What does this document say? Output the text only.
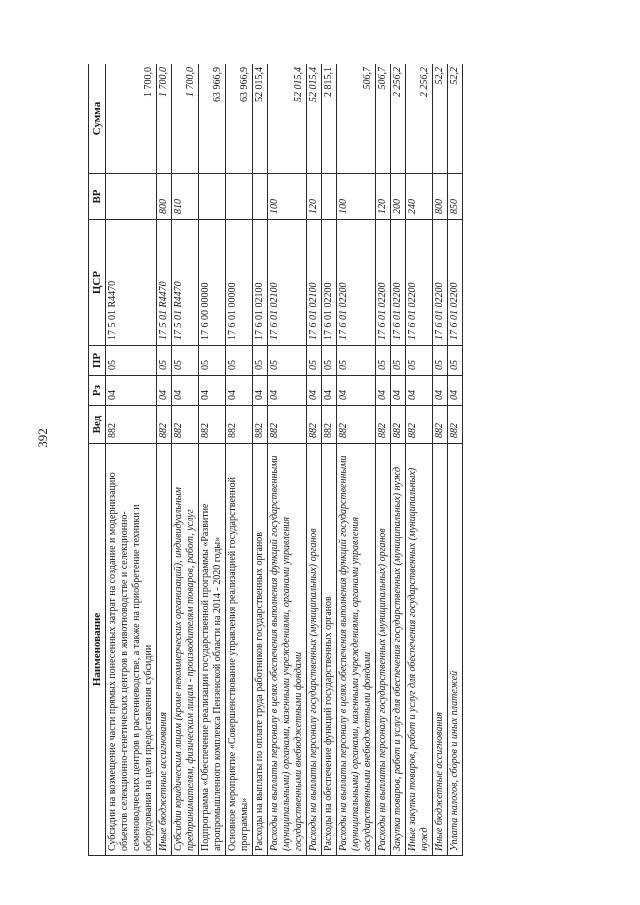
392
Наименование	Вед	Рз	ПР	ЦСР	ВР	Сумма
Субсидии на возмещение части прямых понесенных затрат на создание и модернизацию объектов селекционно-генетических центров в животноводстве и селекционно-семеноводческих центров в растениеводстве, а также на приобретение техники и оборудования на цели предоставления субсидии	882	04	05	17 5 01 R4470		1 700,0
Иные бюджетные ассигнования	882	04	05	17 5 01 R4470	800	1 700,0
Субсидии юридическим лицам (кроме некоммерческих организаций), индивидуальным предпринимателям, физическим лицам - производителям товаров, работ, услуг	882	04	05	17 5 01 R4470	810	1 700,0
Подпрограмма «Обеспечение реализации государственной программы «Развитие агропромышленного комплекса Пензенской области на 2014 - 2020 годы»	882	04	05	17 6 00 00000		63 966,9
Основное мероприятие «Совершенствование управления реализацией государственной программы»	882	04	05	17 6 01 00000		63 966,9
Расходы на выплаты по оплате труда работников государственных органов	882	04	05	17 6 01 02100		52 015,4
Расходы на выплаты персоналу в целях обеспечения выполнения функций государственными (муниципальными) органами, казенными учреждениями, органами управления государственными внебюджетными фондами	882	04	05	17 6 01 02100	100	52 015,4
Расходы на выплаты персоналу государственных (муниципальных) органов	882	04	05	17 6 01 02100	120	52 015,4
Расходы на обеспечение функций государственных органов	882	04	05	17 6 01 02200		2 815,1
Расходы на выплаты персоналу в целях обеспечения выполнения функций государственными (муниципальными) органами, казенными учреждениями, органами управления государственными внебюджетными фондами	882	04	05	17 6 01 02200	100	506,7
Расходы на выплаты персоналу государственных (муниципальных) органов	882	04	05	17 6 01 02200	120	506,7
Закупка товаров, работ и услуг для обеспечения государственных (муниципальных) нужд	882	04	05	17 6 01 02200	200	2 256,2
Иные закупки товаров, работ и услуг для обеспечения государственных (муниципальных) нужд	882	04	05	17 6 01 02200	240	2 256,2
Иные бюджетные ассигнования	882	04	05	17 6 01 02200	800	52,2
Уплата налогов, сборов и иных платежей	882	04	05	17 6 01 02200	850	52,2
